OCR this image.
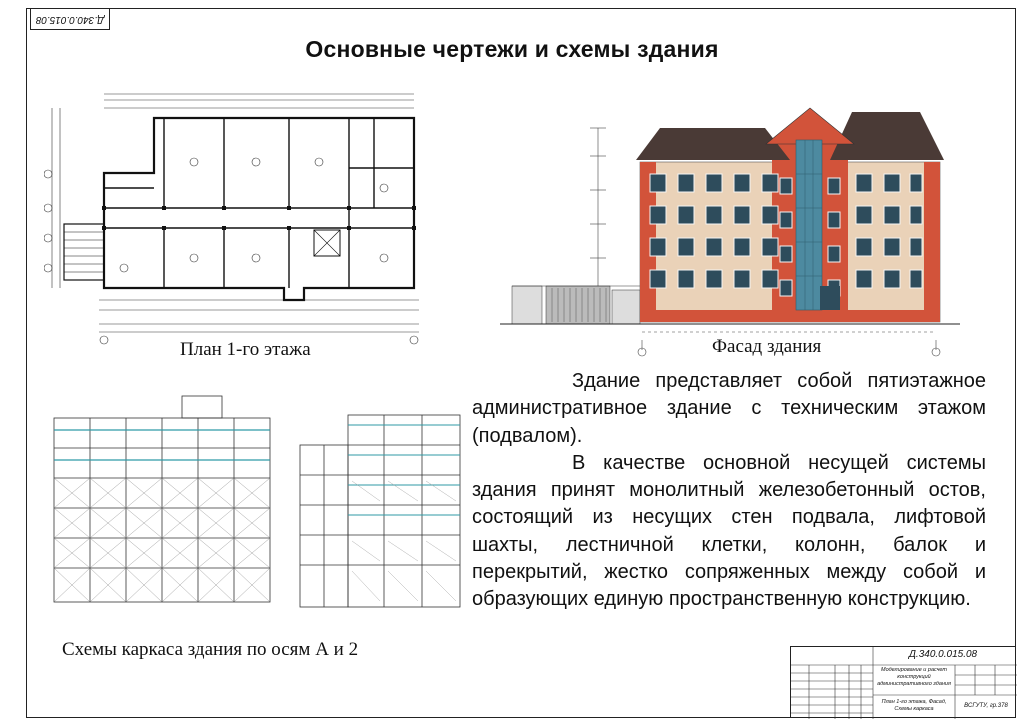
Д.340.0.015.08
Основные чертежи и схемы здания
План 1-го этажа	Фасад здания
Схемы каркаса здания по осям А и 2

Здание представляет собой пятиэтажное административное здание с техническим этажом (подвалом).

В качестве основной несущей системы здания принят монолитный железобетонный остов, состоящий из несущих стен подвала, лифтовой шахты, лестничной клетки, колонн, балок и перекрытий, жестко сопряженных между собой и образующих единую пространственную конструкцию.

Д.340.0.015.08
Моделирование и расчет конструкций административного здания
План 1-го этажа, Фасад, Схемы каркаса	ВСГУТУ, гр.378
